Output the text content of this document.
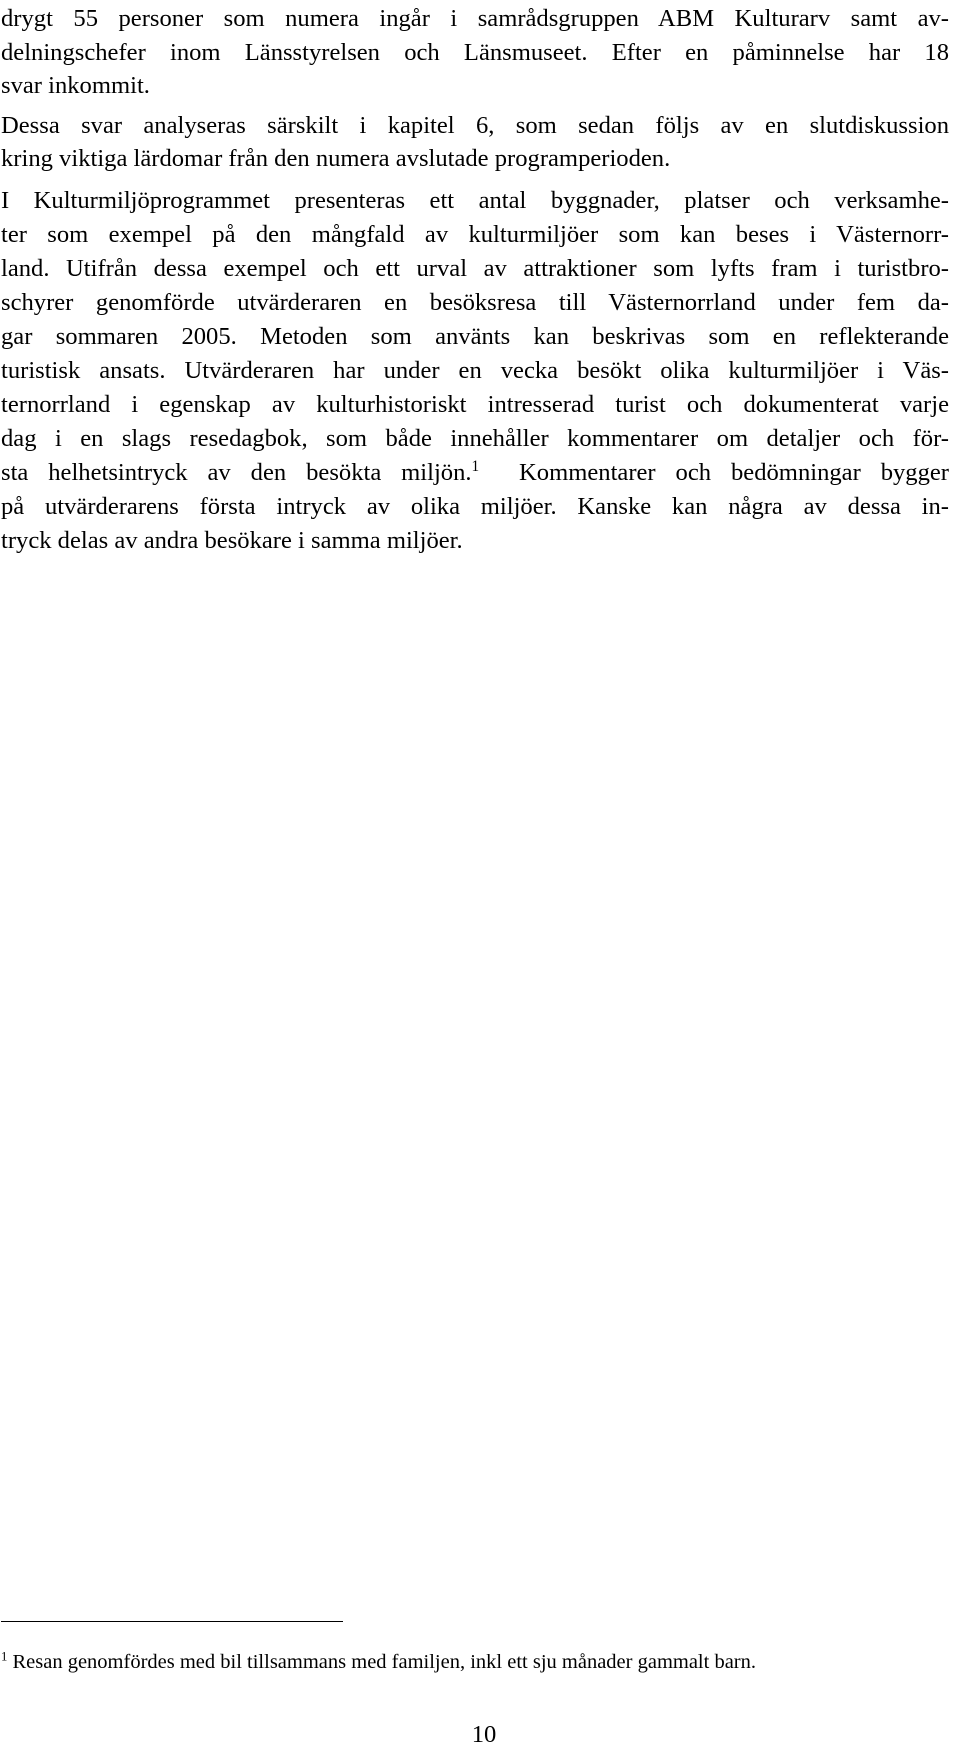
drygt 55 personer som numera ingår i samrådsgruppen ABM Kulturarv samt av-
delningschefer inom Länsstyrelsen och Länsmuseet. Efter en påminnelse har 18
svar inkommit.
Dessa svar analyseras särskilt i kapitel 6, som sedan följs av en slutdiskussion
kring viktiga lärdomar från den numera avslutade programperioden.
I Kulturmiljöprogrammet presenteras ett antal byggnader, platser och verksamhe-
ter som exempel på den mångfald av kulturmiljöer som kan beses i Västernorr-
land. Utifrån dessa exempel och ett urval av attraktioner som lyfts fram i turistbro-
schyrer genomförde utvärderaren en besöksresa till Västernorrland under fem da-
gar sommaren 2005. Metoden som använts kan beskrivas som en reflekterande
turistisk ansats. Utvärderaren har under en vecka besökt olika kulturmiljöer i Väs-
ternorrland i egenskap av kulturhistoriskt intresserad turist och dokumenterat varje
dag i en slags resedagbok, som både innehåller kommentarer om detaljer och för-
sta helhetsintryck av den besökta miljön.$^1$ Kommentarer och bedömningar bygger
på utvärderarens första intryck av olika miljöer. Kanske kan några av dessa in-
tryck delas av andra besökare i samma miljöer.
$^1$ Resan genomfördes med bil tillsammans med familjen, inkl ett sju månader gammalt barn.
10
